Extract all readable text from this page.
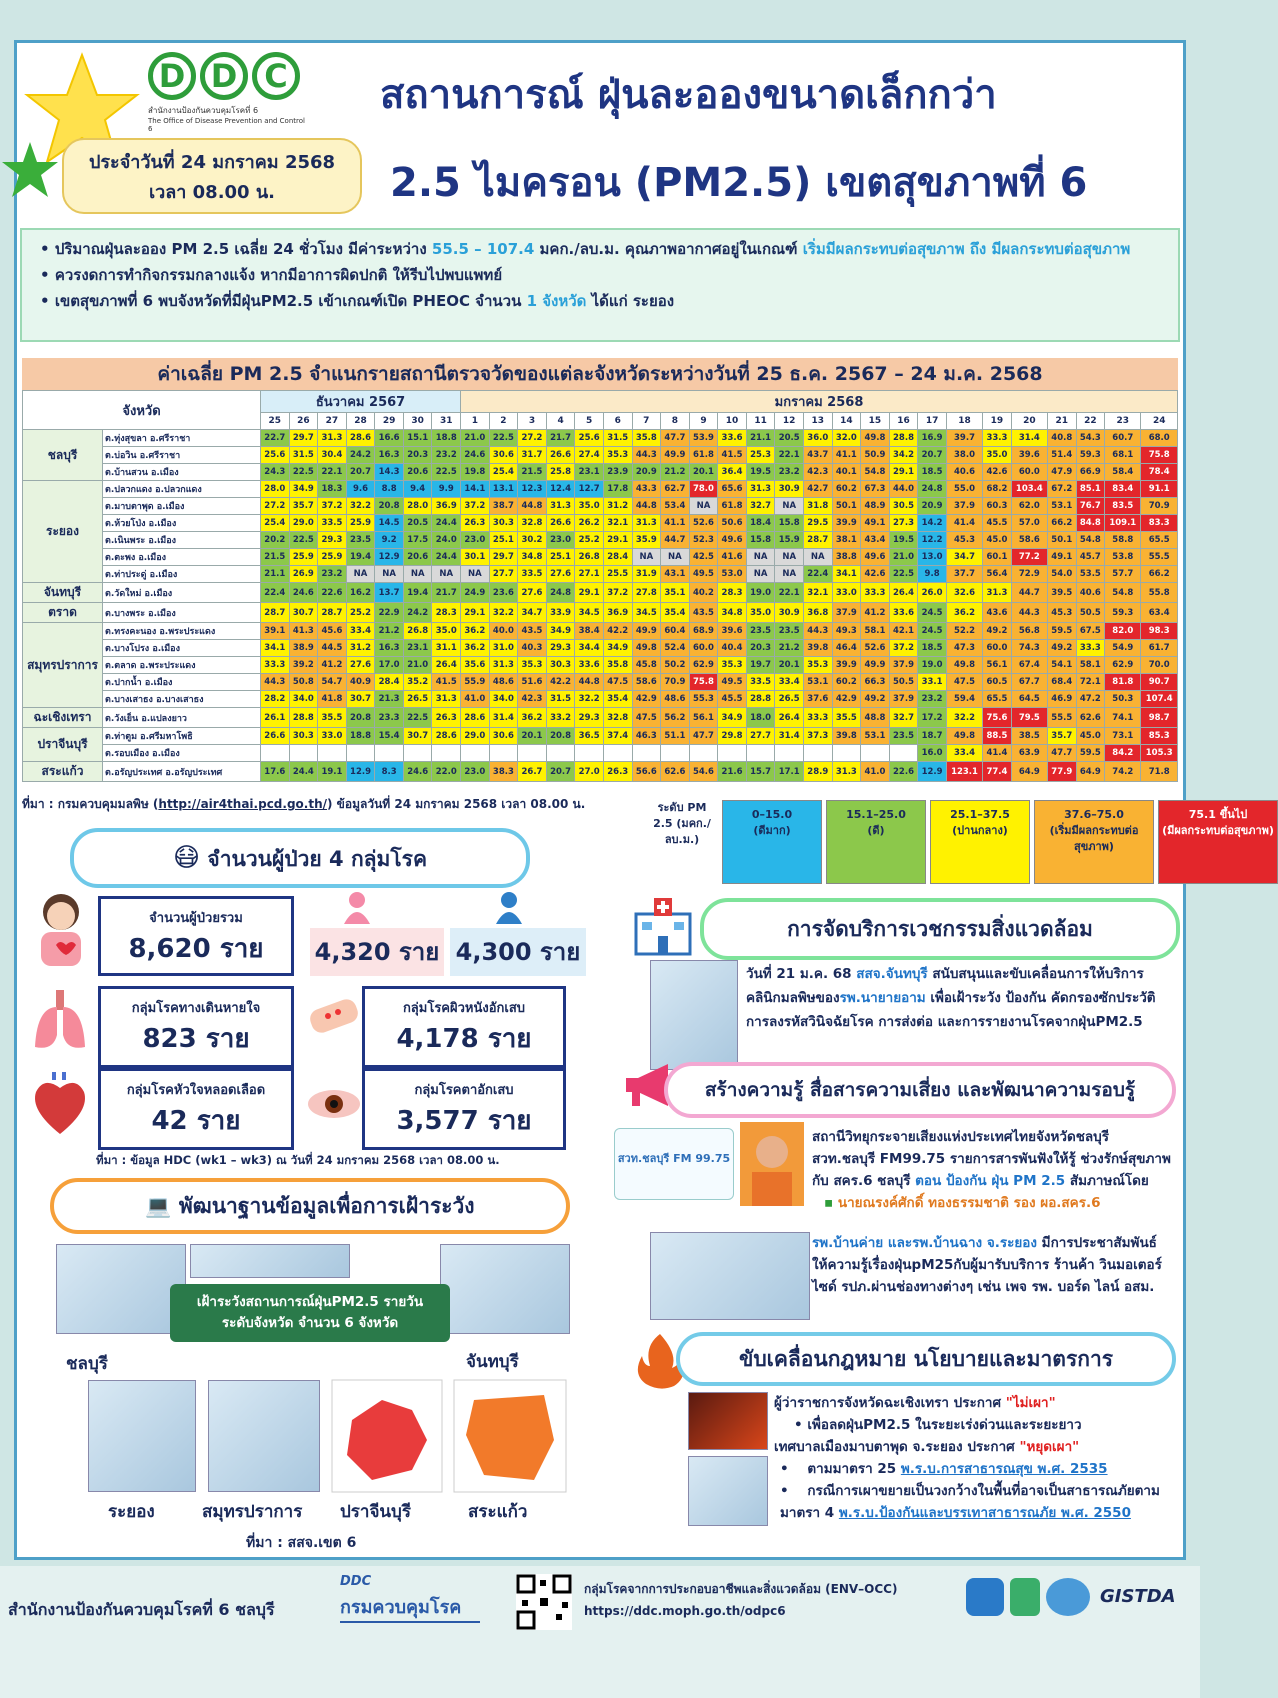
D D C
สำนักงานป้องกันควบคุมโรคที่ 6
The Office of Disease Prevention and Control 6
ประจำวันที่ 24 มกราคม 2568
เวลา 08.00 น.
สถานการณ์ ฝุ่นละอองขนาดเล็กกว่า
2.5 ไมครอน (PM2.5) เขตสุขภาพที่ 6
• ปริมาณฝุ่นละออง PM 2.5 เฉลี่ย 24 ชั่วโมง มีค่าระหว่าง 55.5 – 107.4 มคก./ลบ.ม. คุณภาพอากาศอยู่ในเกณฑ์ เริ่มมีผลกระทบต่อสุขภาพ ถึง มีผลกระทบต่อสุขภาพ
• ควรงดการทำกิจกรรมกลางแจ้ง หากมีอาการผิดปกติ ให้รีบไปพบแพทย์
• เขตสุขภาพที่ 6 พบจังหวัดที่มีฝุ่นPM2.5 เข้าเกณฑ์เปิด PHEOC จำนวน 1 จังหวัด ได้แก่ ระยอง
ค่าเฉลี่ย PM 2.5 จำแนกรายสถานีตรวจวัดของแต่ละจังหวัดระหว่างวันที่ 25 ธ.ค. 2567 – 24 ม.ค. 2568
จังหวัด		ธันวาคม 2567							มกราคม 2568																							
		25	26	27	28	29	30	31	1	2	3	4	5	6	7	8	9	10	11	12	13	14	15	16	17	18	19	20	21	22	23	24
ชลบุรี	ต.ทุ่งสุขลา อ.ศรีราชา	22.7	29.7	31.3	28.6	16.6	15.1	18.8	21.0	22.5	27.2	21.7	25.6	31.5	35.8	47.7	53.9	33.6	21.1	20.5	36.0	32.0	49.8	28.8	16.9	39.7	33.3	31.4	40.8	54.3	60.7	68.0
	ต.บ่อวิน อ.ศรีราชา	25.6	31.5	30.4	24.2	16.3	20.3	23.2	24.6	30.6	31.7	26.6	27.4	35.3	44.3	49.9	61.8	41.5	25.3	22.1	43.7	41.1	50.9	34.2	20.7	38.0	35.0	39.6	51.4	59.3	68.1	75.8
	ต.บ้านสวน อ.เมือง	24.3	22.5	22.1	20.7	14.3	20.6	22.5	19.8	25.4	21.5	25.8	23.1	23.9	20.9	21.2	20.1	36.4	19.5	23.2	42.3	40.1	54.8	29.1	18.5	40.6	42.6	60.0	47.9	66.9	58.4	78.4
ระยอง	ต.ปลวกแดง อ.ปลวกแดง	28.0	34.9	18.3	9.6	8.8	9.4	9.9	14.1	13.1	12.3	12.4	12.7	17.8	43.3	62.7	78.0	65.6	31.3	30.9	42.7	60.2	67.3	44.0	24.8	55.0	68.2	103.4	67.2	85.1	83.4	91.1
	ต.มาบตาพุด อ.เมือง	27.2	35.7	37.2	32.2	20.8	28.0	36.9	37.2	38.7	44.8	31.3	35.0	31.2	44.8	53.4	NA	61.8	32.7	NA	31.8	50.1	48.9	30.5	20.9	37.9	60.3	62.0	53.1	76.7	83.5	70.9
	ต.ห้วยโป่ง อ.เมือง	25.4	29.0	33.5	25.9	14.5	20.5	24.4	26.3	30.3	32.8	26.6	26.2	32.1	31.3	41.1	52.6	50.6	18.4	15.8	29.5	39.9	49.1	27.3	14.2	41.4	45.5	57.0	66.2	84.8	109.1	83.3
	ต.เนินพระ อ.เมือง	20.2	22.5	29.3	23.5	9.2	17.5	24.0	23.0	25.1	30.2	23.0	25.2	29.1	35.9	44.7	52.3	49.6	15.8	15.9	28.7	38.1	43.4	19.5	12.2	45.3	45.0	58.6	50.1	54.8	58.8	65.5
	ต.ตะพง อ.เมือง	21.5	25.9	25.9	19.4	12.9	20.6	24.4	30.1	29.7	34.8	25.1	26.8	28.4	NA	NA	42.5	41.6	NA	NA	NA	38.8	49.6	21.0	13.0	34.7	60.1	77.2	49.1	45.7	53.8	55.5
	ต.ท่าประดู่ อ.เมือง	21.1	26.9	23.2	NA	NA	NA	NA	NA	27.7	33.5	27.6	27.1	25.5	31.9	43.1	49.5	53.0	NA	NA	22.4	34.1	42.6	22.5	9.8	37.7	56.4	72.9	54.0	53.5	57.7	66.2
จันทบุรี	ต.วัดใหม่ อ.เมือง	22.4	24.6	22.6	16.2	13.7	19.4	21.7	24.9	23.6	27.6	24.8	29.1	37.2	27.8	35.1	40.2	28.3	19.0	22.1	32.1	33.0	33.3	26.4	26.0	32.6	31.3	44.7	39.5	40.6	54.8	55.8
ตราด	ต.บางพระ อ.เมือง	28.7	30.7	28.7	25.2	22.9	24.2	28.3	29.1	32.2	34.7	33.9	34.5	36.9	34.5	35.4	43.5	34.8	35.0	30.9	36.8	37.9	41.2	33.6	24.5	36.2	43.6	44.3	45.3	50.5	59.3	63.4
สมุทรปราการ	ต.ทรงคะนอง อ.พระประแดง	39.1	41.3	45.6	33.4	21.2	26.8	35.0	36.2	40.0	43.5	34.9	38.4	42.2	49.9	60.4	68.9	39.6	23.5	23.5	44.3	49.3	58.1	42.1	24.5	52.2	49.2	56.8	59.5	67.5	82.0	98.3
	ต.บางโปรง อ.เมือง	34.1	38.9	44.5	31.2	16.3	23.1	31.1	36.2	31.0	40.3	29.3	34.4	34.9	49.8	52.4	60.0	40.4	20.3	21.2	39.8	46.4	52.6	37.2	18.5	47.3	60.0	74.3	49.2	33.3	54.9	61.7
	ต.ตลาด อ.พระประแดง	33.3	39.2	41.2	27.6	17.0	21.0	26.4	35.6	31.3	35.3	30.3	33.6	35.8	45.8	50.2	62.9	35.3	19.7	20.1	35.3	39.9	49.9	37.9	19.0	49.8	56.1	67.4	54.1	58.1	62.9	70.0
	ต.ปากน้ำ อ.เมือง	44.3	50.8	54.7	40.9	28.4	35.2	41.5	55.9	48.6	51.6	42.2	44.8	47.5	58.6	70.9	75.8	49.5	33.5	33.4	53.1	60.2	66.3	50.5	33.1	47.5	60.5	67.7	68.4	72.1	81.8	90.7
	ต.บางเสาธง อ.บางเสาธง	28.2	34.0	41.8	30.7	21.3	26.5	31.3	41.0	34.0	42.3	31.5	32.2	35.4	42.9	48.6	55.3	45.5	28.8	26.5	37.6	42.9	49.2	37.9	23.2	59.4	65.5	64.5	46.9	47.2	50.3	107.4
ฉะเชิงเทรา	ต.วังเย็น อ.แปลงยาว	26.1	28.8	35.5	20.8	23.3	22.5	26.3	28.6	31.4	36.2	33.2	29.3	32.8	47.5	56.2	56.1	34.9	18.0	26.4	33.3	35.5	48.8	32.7	17.2	32.2	75.6	79.5	55.5	62.6	74.1	98.7
ปราจีนบุรี	ต.ท่าตูม อ.ศรีมหาโพธิ	26.6	30.3	33.0	18.8	15.4	30.7	28.6	29.0	30.6	20.1	20.8	36.5	37.4	46.3	51.1	47.7	29.8	27.7	31.4	37.3	39.8	53.1	23.5	18.7	49.8	88.5	38.5	35.7	45.0	73.1	85.3
	ต.รอบเมือง อ.เมือง																								16.0	33.4	41.4	63.9	47.7	59.5	84.2	105.3
สระแก้ว	ต.อรัญประเทศ อ.อรัญประเทศ	17.6	24.4	19.1	12.9	8.3	24.6	22.0	23.0	38.3	26.7	20.7	27.0	26.3	56.6	62.6	54.6	21.6	15.7	17.1	28.9	31.3	41.0	22.6	12.9	123.1	77.4	64.9	77.9	64.9	74.2	71.8
ที่มา : กรมควบคุมมลพิษ (http://air4thai.pcd.go.th/) ข้อมูลวันที่ 24 มกราคม 2568 เวลา 08.00 น.	ระดับ PM 2.5 (มคก./ ลบ.ม.)
0–15.0
(ดีมาก)
15.1–25.0
(ดี)
25.1–37.5
(ปานกลาง)
37.6–75.0
(เริ่มมีผลกระทบต่อสุขภาพ)
75.1 ขึ้นไป
(มีผลกระทบต่อสุขภาพ)
😷 จำนวนผู้ป่วย 4 กลุ่มโรค
จำนวนผู้ป่วยรวม
8,620 ราย	4,320 ราย 4,300 ราย
กลุ่มโรคทางเดินหายใจ
823 ราย
กลุ่มโรคผิวหนังอักเสบ
4,178 ราย
กลุ่มโรคหัวใจหลอดเลือด
42 ราย
กลุ่มโรคตาอักเสบ
3,577 ราย
ที่มา : ข้อมูล HDC (wk1 – wk3) ณ วันที่ 24 มกราคม 2568 เวลา 08.00 น.
💻 พัฒนาฐานข้อมูลเพื่อการเฝ้าระวัง
เฝ้าระวังสถานการณ์ฝุ่นPM2.5 รายวัน
ระดับจังหวัด จำนวน 6 จังหวัด
ชลบุรี	จันทบุรี
ระยอง	สมุทรปราการ ปราจีนบุรี	สระแก้ว
ที่มา : สสจ.เขต 6
การจัดบริการเวชกรรมสิ่งแวดล้อม
วันที่ 21 ม.ค. 68 สสจ.จันทบุรี สนับสนุนและขับเคลื่อนการให้บริการคลินิกมลพิษของรพ.นายายอาม เพื่อเฝ้าระวัง ป้องกัน คัดกรองซักประวัติ การลงรหัสวินิจฉัยโรค การส่งต่อ และการรายงานโรคจากฝุ่นPM2.5
สร้างความรู้ สื่อสารความเสี่ยง และพัฒนาความรอบรู้
สวท.ชลบุรี FM 99.75
สถานีวิทยุกระจายเสียงแห่งประเทศไทยจังหวัดชลบุรี สวท.ชลบุรี FM99.75 รายการสารพันฟังให้รู้ ช่วงรักษ์สุขภาพกับ สคร.6 ชลบุรี ตอน ป้องกัน ฝุ่น PM 2.5 สัมภาษณ์โดย
▪ นายณรงค์ศักดิ์ ทองธรรมชาติ รอง ผอ.สคร.6
รพ.บ้านค่าย และรพ.บ้านฉาง จ.ระยอง มีการประชาสัมพันธ์ให้ความรู้เรื่องฝุ่นpM25กับผู้มารับบริการ ร้านค้า วินมอเตอร์ไซด์ รปภ.ผ่านช่องทางต่างๆ เช่น เพจ รพ. บอร์ด ไลน์ อสม.
ขับเคลื่อนกฎหมาย นโยบายและมาตรการ
ผู้ว่าราชการจังหวัดฉะเชิงเทรา ประกาศ "ไม่เผา"
• เพื่อลดฝุ่นPM2.5 ในระยะเร่งด่วนและระยะยาว
เทศบาลเมืองมาบตาพุด จ.ระยอง ประกาศ "หยุดเผา"
• ตามมาตรา 25 พ.ร.บ.การสาธารณสุข พ.ศ. 2535
• กรณีการเผาขยายเป็นวงกว้างในพื้นที่อาจเป็นสาธารณภัยตามมาตรา 4 พ.ร.บ.ป้องกันและบรรเทาสาธารณภัย พ.ศ. 2550
สำนักงานป้องกันควบคุมโรคที่ 6 ชลบุรี
DDC
กรมควบคุมโรค
กลุ่มโรคจากการประกอบอาชีพและสิ่งแวดล้อม (ENV–OCC)
https://ddc.moph.go.th/odpc6
GISTDA
